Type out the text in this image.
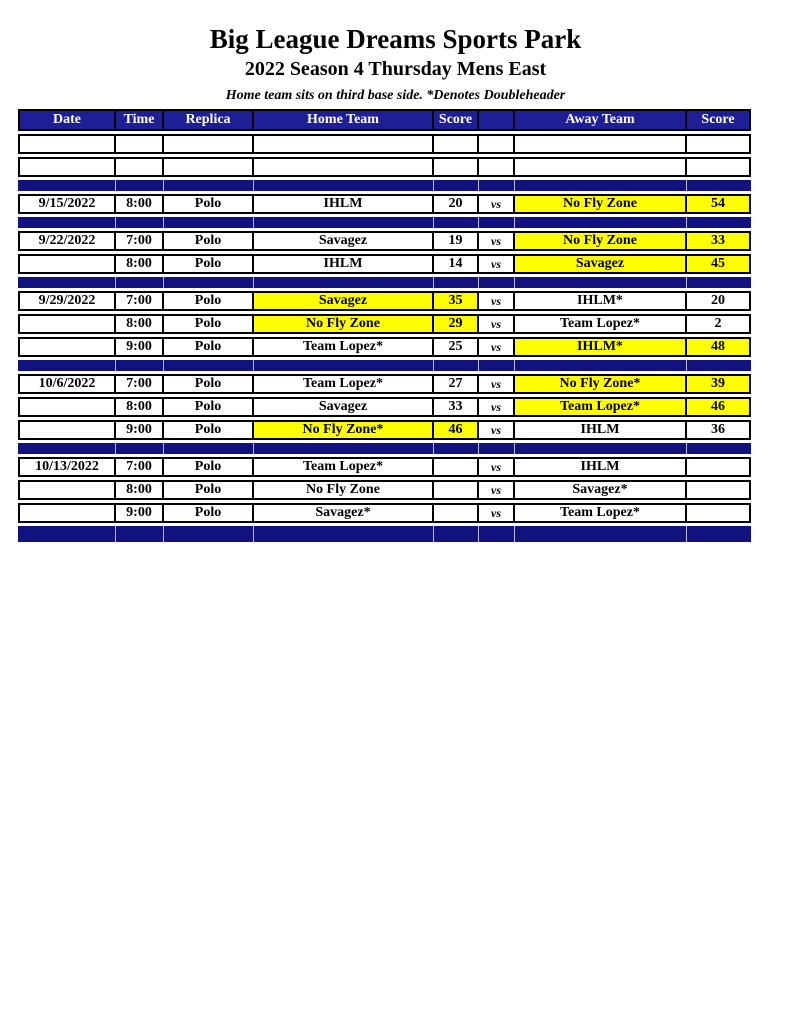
Big League Dreams Sports Park
2022 Season 4 Thursday Mens East

Home team sits on third base side. *Denotes Doubleheader

Date	Time	Replica	Home Team	Score		Away Team	Score

9/15/2022	8:00	Polo	IHLM	20	vs	No Fly Zone	54

9/22/2022	7:00	Polo	Savagez	19	vs	No Fly Zone	33
	8:00	Polo	IHLM	14	vs	Savagez	45

9/29/2022	7:00	Polo	Savagez	35	vs	IHLM*	20
	8:00	Polo	No Fly Zone	29	vs	Team Lopez*	2
	9:00	Polo	Team Lopez*	25	vs	IHLM*	48

10/6/2022	7:00	Polo	Team Lopez*	27	vs	No Fly Zone*	39
	8:00	Polo	Savagez	33	vs	Team Lopez*	46
	9:00	Polo	No Fly Zone*	46	vs	IHLM	36

10/13/2022	7:00	Polo	Team Lopez*		vs	IHLM	
	8:00	Polo	No Fly Zone		vs	Savagez*	
	9:00	Polo	Savagez*		vs	Team Lopez*	
